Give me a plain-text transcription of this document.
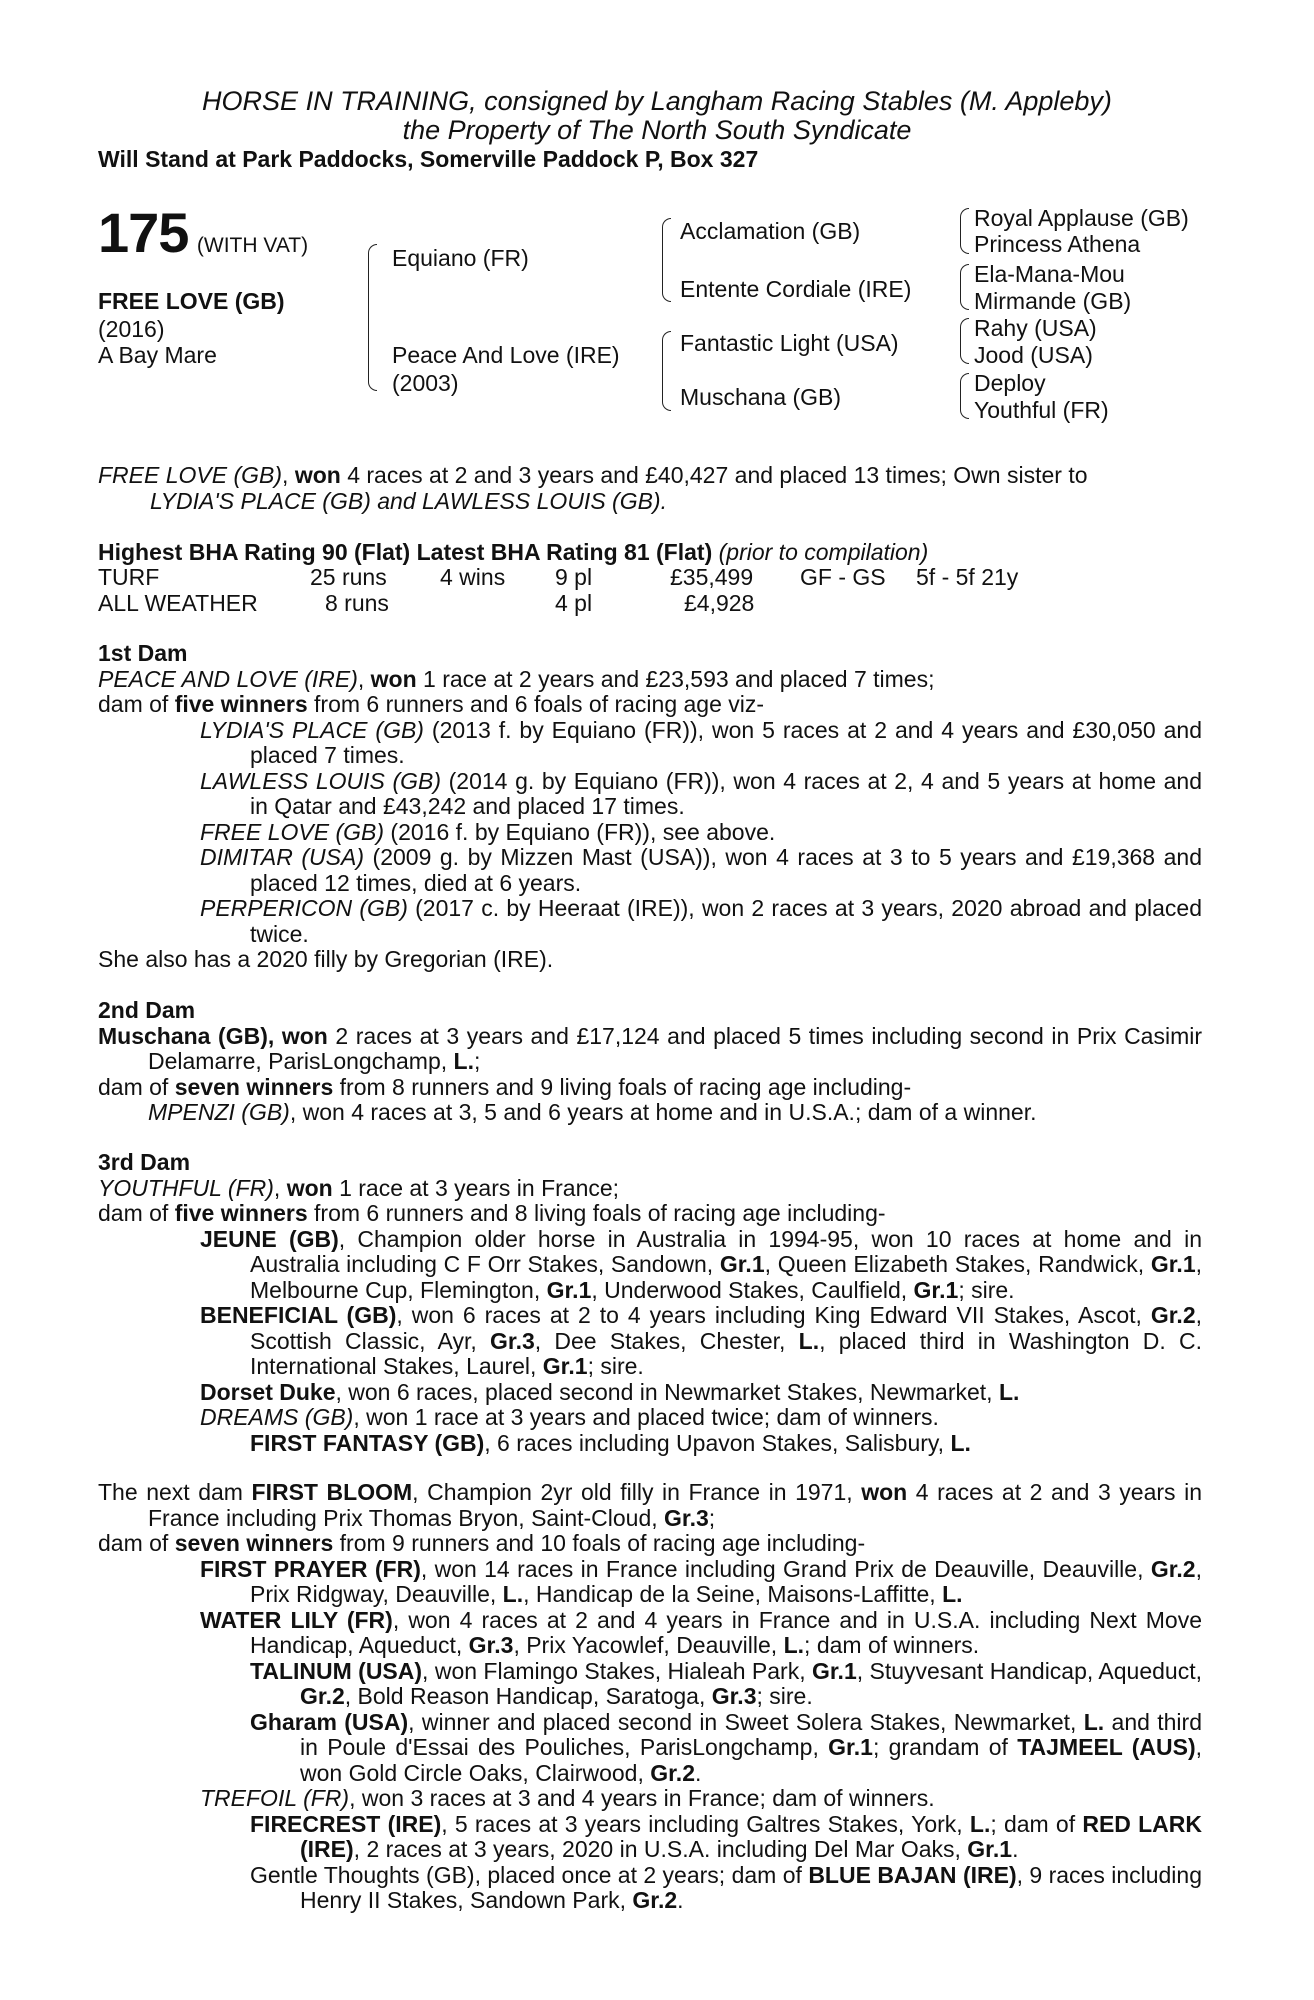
HORSE IN TRAINING, consigned by Langham Racing Stables (M. Appleby)
the Property of The North South Syndicate
Will Stand at Park Paddocks, Somerville Paddock P, Box 327
175 (WITH VAT)
FREE LOVE (GB)
(2016)
A Bay Mare
Equiano (FR)
Peace And Love (IRE)
(2003)
Acclamation (GB)
Entente Cordiale (IRE)
Fantastic Light (USA)
Muschana (GB)
Royal Applause (GB)
Princess Athena
Ela-Mana-Mou
Mirmande (GB)
Rahy (USA)
Jood (USA)
Deploy
Youthful (FR)

FREE LOVE (GB), won 4 races at 2 and 3 years and £40,427 and placed 13 times; Own sister to

LYDIA'S PLACE (GB) and LAWLESS LOUIS (GB).

Highest BHA Rating 90 (Flat) Latest BHA Rating 81 (Flat) (prior to compilation)
TURF	25 runs 4 wins 9 pl	£35,499 GF - GS 5f - 5f 21y
ALL WEATHER	8 runs	4 pl	£4,928

1st Dam

PEACE AND LOVE (IRE), won 1 race at 2 years and £23,593 and placed 7 times;

dam of five winners from 6 runners and 6 foals of racing age viz-

LYDIA'S PLACE (GB) (2013 f. by Equiano (FR)), won 5 races at 2 and 4 years and £30,050 and placed 7 times.

LAWLESS LOUIS (GB) (2014 g. by Equiano (FR)), won 4 races at 2, 4 and 5 years at home and in Qatar and £43,242 and placed 17 times.

FREE LOVE (GB) (2016 f. by Equiano (FR)), see above.

DIMITAR (USA) (2009 g. by Mizzen Mast (USA)), won 4 races at 3 to 5 years and £19,368 and placed 12 times, died at 6 years.

PERPERICON (GB) (2017 c. by Heeraat (IRE)), won 2 races at 3 years, 2020 abroad and placed twice.

She also has a 2020 filly by Gregorian (IRE).

2nd Dam

Muschana (GB), won 2 races at 3 years and £17,124 and placed 5 times including second in Prix Casimir Delamarre, ParisLongchamp, L.;

dam of seven winners from 8 runners and 9 living foals of racing age including-

MPENZI (GB), won 4 races at 3, 5 and 6 years at home and in U.S.A.; dam of a winner.

3rd Dam

YOUTHFUL (FR), won 1 race at 3 years in France;

dam of five winners from 6 runners and 8 living foals of racing age including-

JEUNE (GB), Champion older horse in Australia in 1994-95, won 10 races at home and in Australia including C F Orr Stakes, Sandown, Gr.1, Queen Elizabeth Stakes, Randwick, Gr.1, Melbourne Cup, Flemington, Gr.1, Underwood Stakes, Caulfield, Gr.1; sire.

BENEFICIAL (GB), won 6 races at 2 to 4 years including King Edward VII Stakes, Ascot, Gr.2, Scottish Classic, Ayr, Gr.3, Dee Stakes, Chester, L., placed third in Washington D. C. International Stakes, Laurel, Gr.1; sire.

Dorset Duke, won 6 races, placed second in Newmarket Stakes, Newmarket, L.

DREAMS (GB), won 1 race at 3 years and placed twice; dam of winners.

FIRST FANTASY (GB), 6 races including Upavon Stakes, Salisbury, L.

The next dam FIRST BLOOM, Champion 2yr old filly in France in 1971, won 4 races at 2 and 3 years in France including Prix Thomas Bryon, Saint-Cloud, Gr.3;

dam of seven winners from 9 runners and 10 foals of racing age including-

FIRST PRAYER (FR), won 14 races in France including Grand Prix de Deauville, Deauville, Gr.2, Prix Ridgway, Deauville, L., Handicap de la Seine, Maisons-Laffitte, L.

WATER LILY (FR), won 4 races at 2 and 4 years in France and in U.S.A. including Next Move Handicap, Aqueduct, Gr.3, Prix Yacowlef, Deauville, L.; dam of winners.

TALINUM (USA), won Flamingo Stakes, Hialeah Park, Gr.1, Stuyvesant Handicap, Aqueduct, Gr.2, Bold Reason Handicap, Saratoga, Gr.3; sire.

Gharam (USA), winner and placed second in Sweet Solera Stakes, Newmarket, L. and third in Poule d'Essai des Pouliches, ParisLongchamp, Gr.1; grandam of TAJMEEL (AUS), won Gold Circle Oaks, Clairwood, Gr.2.

TREFOIL (FR), won 3 races at 3 and 4 years in France; dam of winners.

FIRECREST (IRE), 5 races at 3 years including Galtres Stakes, York, L.; dam of RED LARK (IRE), 2 races at 3 years, 2020 in U.S.A. including Del Mar Oaks, Gr.1.

Gentle Thoughts (GB), placed once at 2 years; dam of BLUE BAJAN (IRE), 9 races including Henry II Stakes, Sandown Park, Gr.2.
